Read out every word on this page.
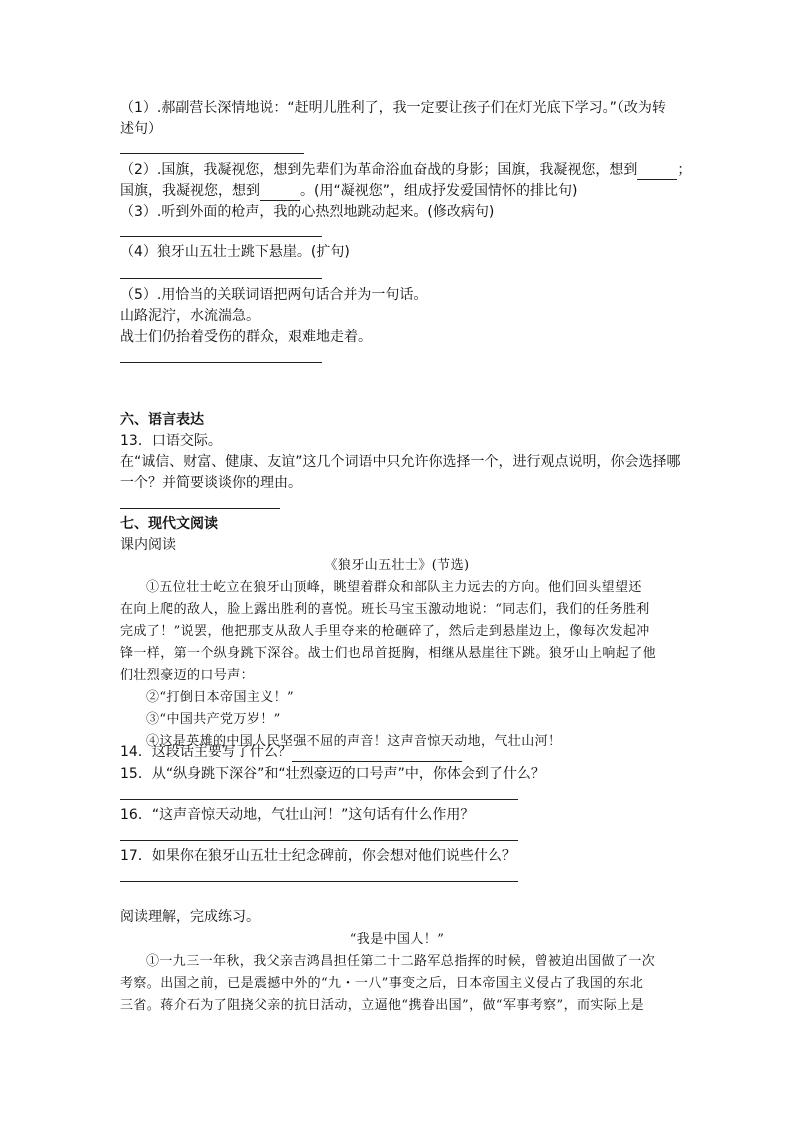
（1）.郝副营长深情地说：“赶明儿胜利了，我一定要让孩子们在灯光底下学习。”（改为转
述句）
（2）.国旗，我凝视您，想到先辈们为革命浴血奋战的身影；国旗，我凝视您，想到	；
国旗，我凝视您，想到	。(用“凝视您”，组成抒发爱国情怀的排比句)
（3）.听到外面的枪声，我的心热烈地跳动起来。(修改病句)
（4）狼牙山五壮士跳下悬崖。(扩句)
（5）.用恰当的关联词语把两句话合并为一句话。
山路泥泞，水流湍急。
战士们仍抬着受伤的群众，艰难地走着。
六、语言表达
13．口语交际。
在“诚信、财富、健康、友谊”这几个词语中只允许你选择一个，进行观点说明，你会选择哪
一个？并简要谈谈你的理由。
七、现代文阅读
课内阅读
《狼牙山五壮士》(节选)
①五位壮士屹立在狼牙山顶峰，眺望着群众和部队主力远去的方向。他们回头望望还
在向上爬的敌人，脸上露出胜利的喜悦。班长马宝玉激动地说：“同志们，我们的任务胜利
完成了！”说罢，他把那支从敌人手里夺来的枪砸碎了，然后走到悬崖边上，像每次发起冲
锋一样，第一个纵身跳下深谷。战士们也昂首挺胸，相继从悬崖往下跳。狼牙山上响起了他
们壮烈豪迈的口号声：
②“打倒日本帝国主义！”
③“中国共产党万岁！”
④这是英雄的中国人民坚强不屈的声音！这声音惊天动地，气壮山河！
14．这段话主要写了什么？
15．从“纵身跳下深谷”和“壮烈豪迈的口号声”中，你体会到了什么？
16．“这声音惊天动地，气壮山河！”这句话有什么作用？
17．如果你在狼牙山五壮士纪念碑前，你会想对他们说些什么？
阅读理解，完成练习。
“我是中国人！”
①一九三一年秋，我父亲吉鸿昌担任第二十二路军总指挥的时候，曾被迫出国做了一次
考察。出国之前，已是震撼中外的“九・一八”事变之后，日本帝国主义侵占了我国的东北
三省。蒋介石为了阻挠父亲的抗日活动，立逼他“携眷出国”，做“军事考察”，而实际上是
